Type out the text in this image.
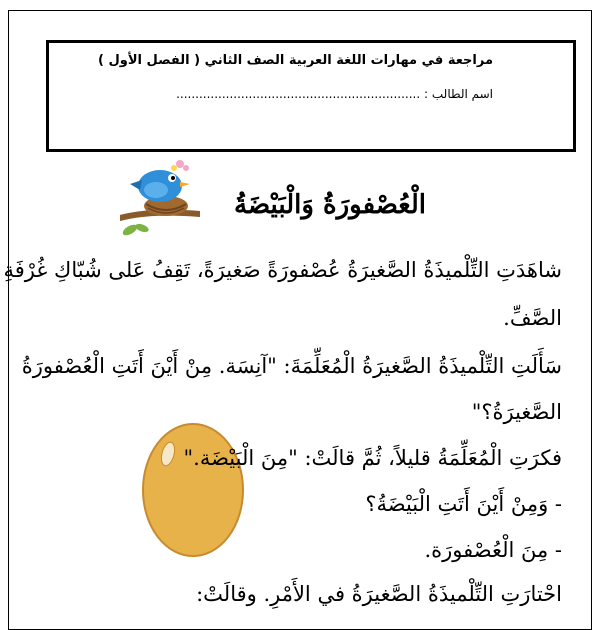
مراجعة في مهارات اللغة العربية الصف الثاني ( الفصل الأول )
اسم الطالب : ................................................................
الْعُصْفورَةُ وَالْبَيْضَةُ
شاهَدَتِ التِّلْميذَةُ الصَّغيرَةُ عُصْفورَةً صَغيرَةً، تَقِفُ عَلى شُبّاكِ غُرْفَةِ
الصَّفِّ.
سَأَلَتِ التِّلْميذَةُ الصَّغيرَةُ الْمُعَلِّمَةَ: "آنِسَة. مِنْ أَيْنَ أَتَتِ الْعُصْفورَةُ
الصَّغيرَةُ؟"
فكرَتِ الْمُعَلِّمَةُ قليلاً، ثُمَّ قالَتْ: "مِنَ الْبَيْضَة."
- وَمِنْ أَيْنَ أَتَتِ الْبَيْضَةُ؟
- مِنَ الْعُصْفورَة.
احْتارَتِ التِّلْميذَةُ الصَّغيرَةُ في الأَمْرِ. وقالَتْ:
